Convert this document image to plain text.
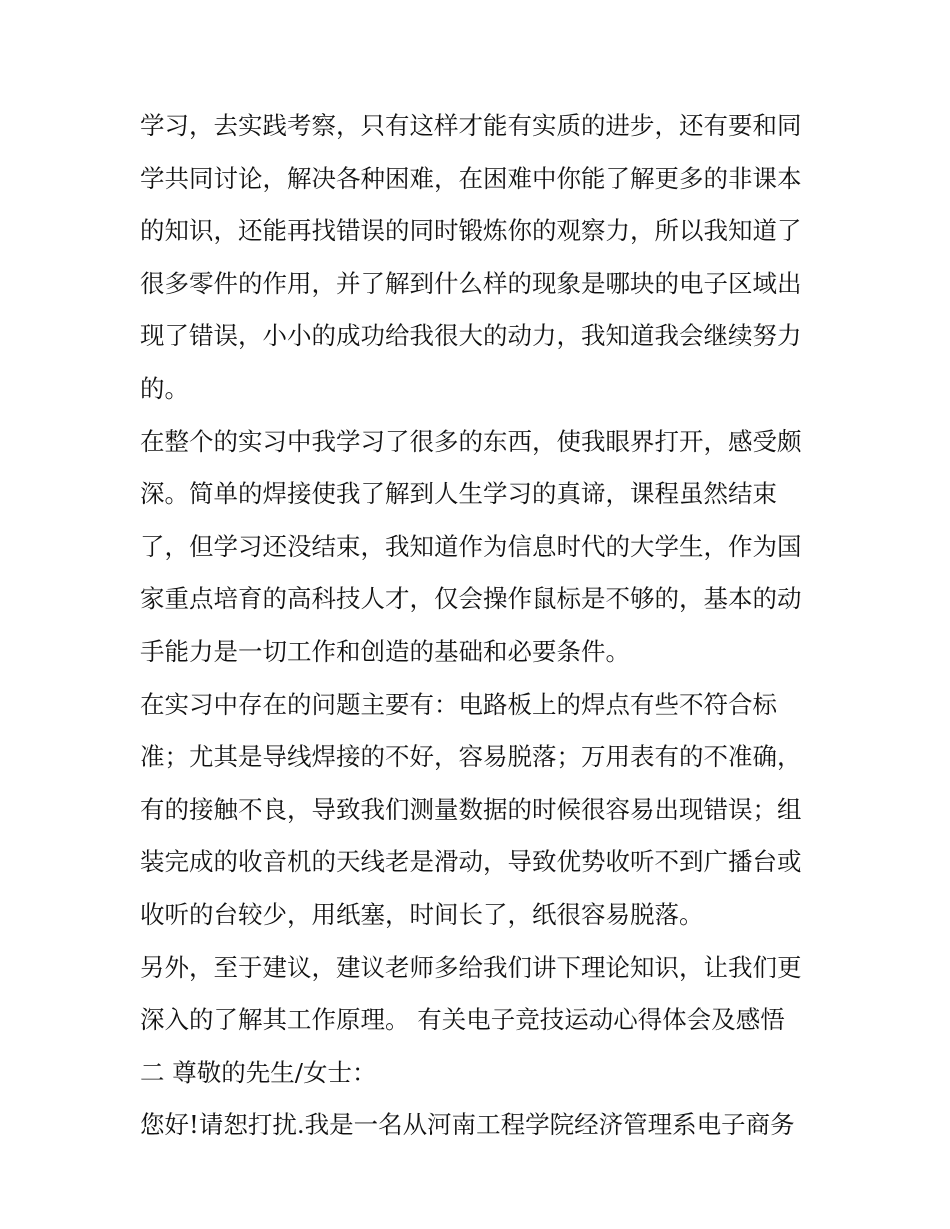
学习，去实践考察，只有这样才能有实质的进步，还有要和同

学共同讨论，解决各种困难，在困难中你能了解更多的非课本

的知识，还能再找错误的同时锻炼你的观察力，所以我知道了

很多零件的作用，并了解到什么样的现象是哪块的电子区域出

现了错误，小小的成功给我很大的动力，我知道我会继续努力

的。

在整个的实习中我学习了很多的东西，使我眼界打开，感受颇

深。简单的焊接使我了解到人生学习的真谛，课程虽然结束

了，但学习还没结束，我知道作为信息时代的大学生，作为国

家重点培育的高科技人才，仅会操作鼠标是不够的，基本的动

手能力是一切工作和创造的基础和必要条件。

在实习中存在的问题主要有：电路板上的焊点有些不符合标

准；尤其是导线焊接的不好，容易脱落；万用表有的不准确，

有的接触不良，导致我们测量数据的时候很容易出现错误；组

装完成的收音机的天线老是滑动，导致优势收听不到广播台或

收听的台较少，用纸塞，时间长了，纸很容易脱落。

另外，至于建议，建议老师多给我们讲下理论知识，让我们更

深入的了解其工作原理。 有关电子竞技运动心得体会及感悟

二 尊敬的先生/女士：

您好!请恕打扰.我是一名从河南工程学院经济管理系电子商务
